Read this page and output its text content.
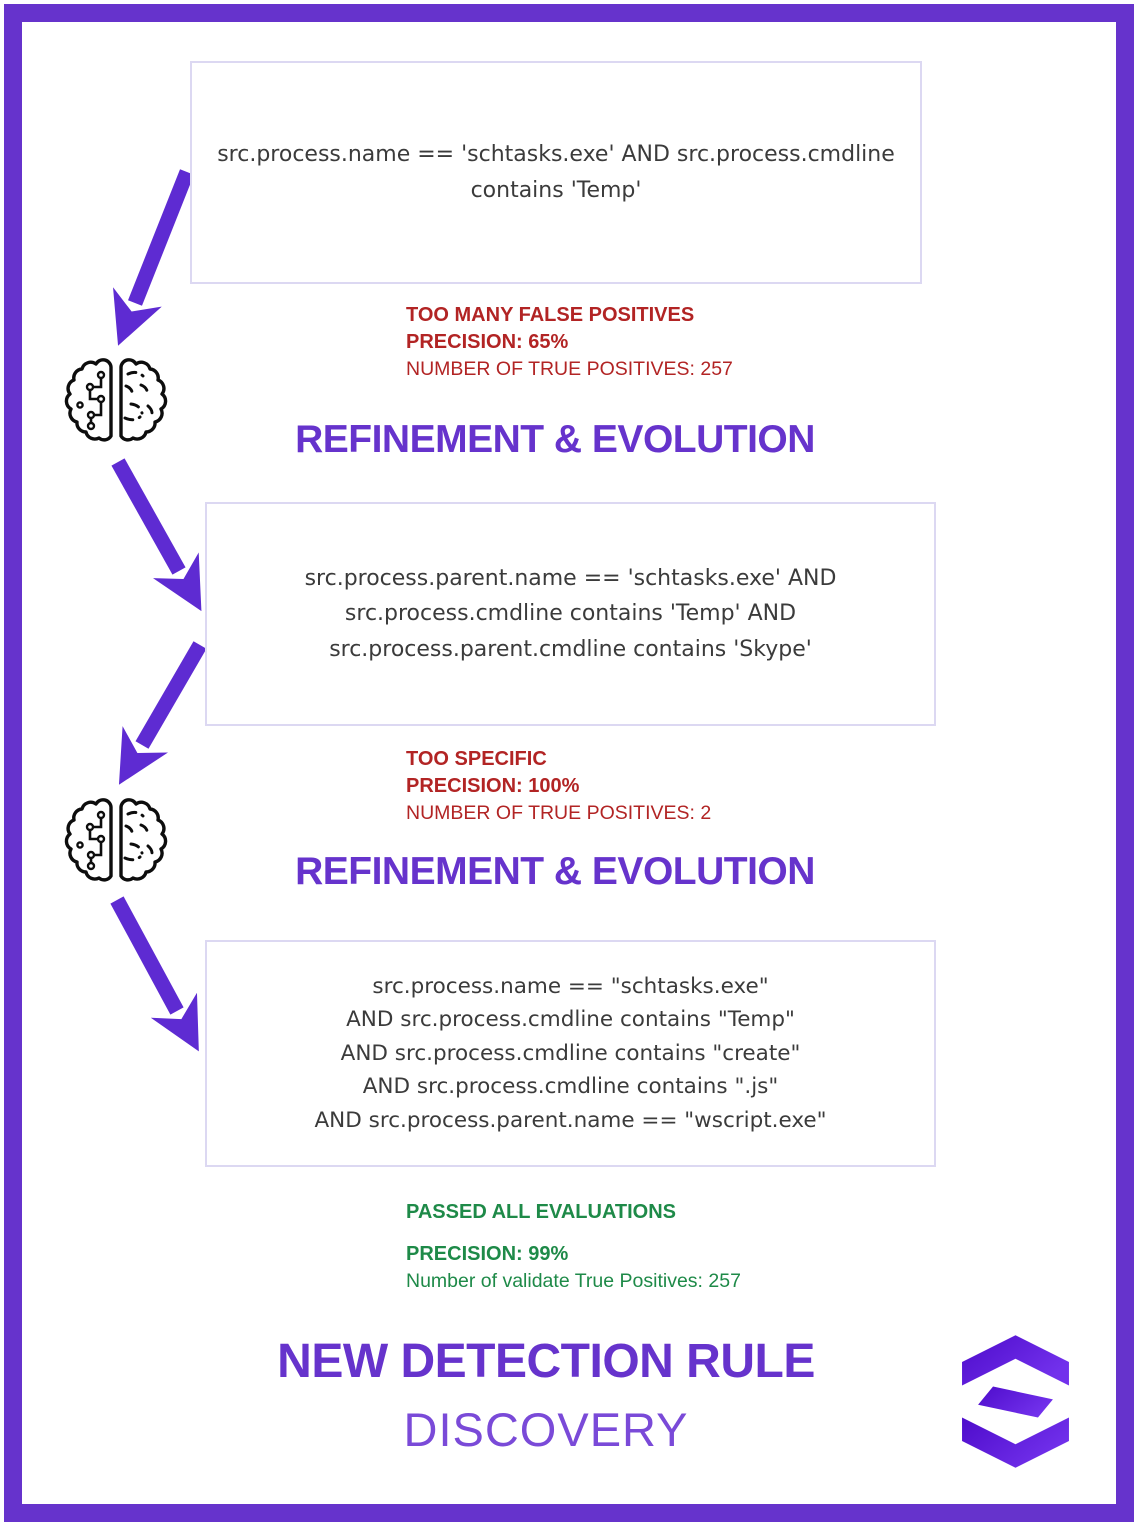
src.process.name == 'schtasks.exe' AND src.process.cmdline
contains 'Temp'
TOO MANY FALSE POSITIVES
PRECISION: 65%
NUMBER OF TRUE POSITIVES: 257
REFINEMENT & EVOLUTION
src.process.parent.name == 'schtasks.exe' AND
src.process.cmdline contains 'Temp' AND
src.process.parent.cmdline contains 'Skype'
TOO SPECIFIC
PRECISION: 100%
NUMBER OF TRUE POSITIVES: 2
REFINEMENT & EVOLUTION
src.process.name == "schtasks.exe"
AND src.process.cmdline contains "Temp"
AND src.process.cmdline contains "create"
AND src.process.cmdline contains ".js"
AND src.process.parent.name == "wscript.exe"
PASSED ALL EVALUATIONS
PRECISION: 99%
Number of validate True Positives: 257
NEW DETECTION RULE
DISCOVERY
